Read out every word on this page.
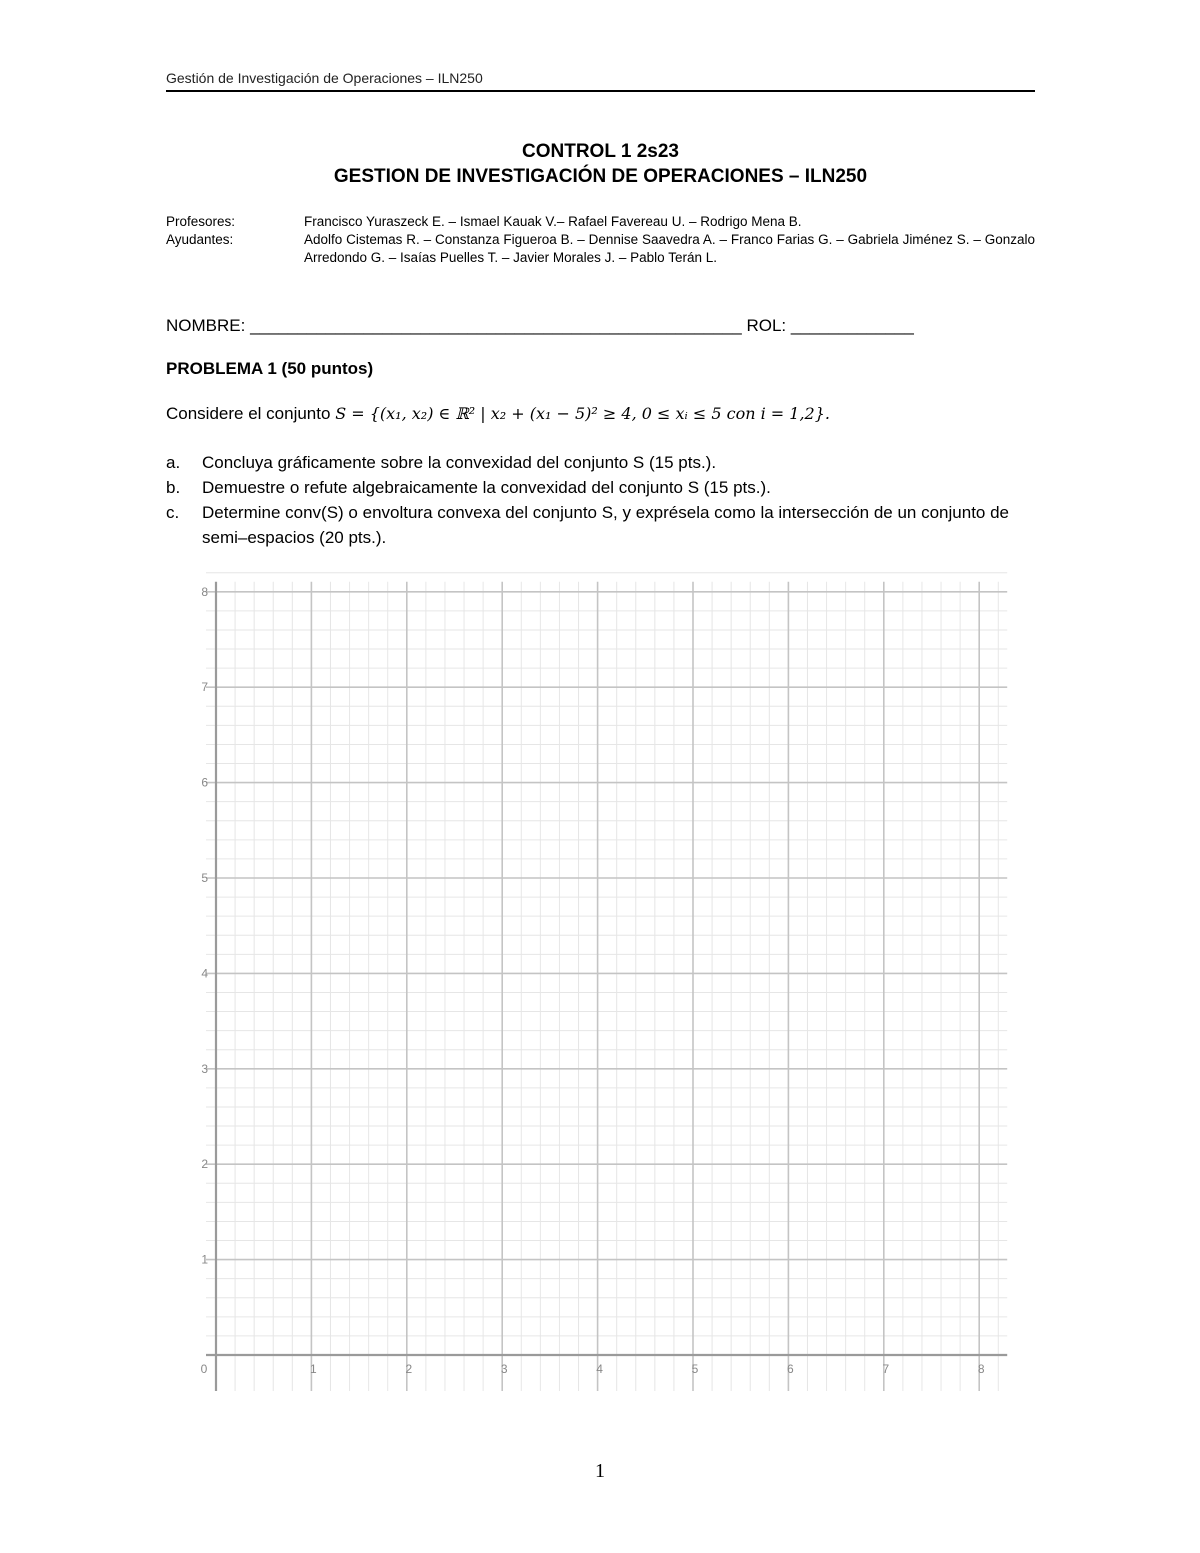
Gestión de Investigación de Operaciones – ILN250
CONTROL 1 2s23
GESTION DE INVESTIGACIÓN DE OPERACIONES – ILN250
Profesores:	Francisco Yuraszeck E. – Ismael Kauak V.– Rafael Favereau U. – Rodrigo Mena B.
Ayudantes:	Adolfo Cistemas R. – Constanza Figueroa B. – Dennise Saavedra A. – Franco Farias G. – Gabriela Jiménez S. – Gonzalo Arredondo G. – Isaías Puelles T. – Javier Morales J. – Pablo Terán L.
NOMBRE: ____________________________________________________ ROL: _____________
PROBLEMA 1 (50 puntos)
Considere el conjunto S = {(x₁, x₂) ∈ ℝ² | x₂ + (x₁ − 5)² ≥ 4, 0 ≤ xᵢ ≤ 5 con i = 1,2}.
a. Concluya gráficamente sobre la convexidad del conjunto S (15 pts.).
b. Demuestre o refute algebraicamente la convexidad del conjunto S (15 pts.).
c. Determine conv(S) o envoltura convexa del conjunto S, y exprésela como la intersección de un conjunto de semi–espacios (20 pts.).
0	1	2	3	4	5	6	7	8
1
2
3
4
5
6
7
8
1
